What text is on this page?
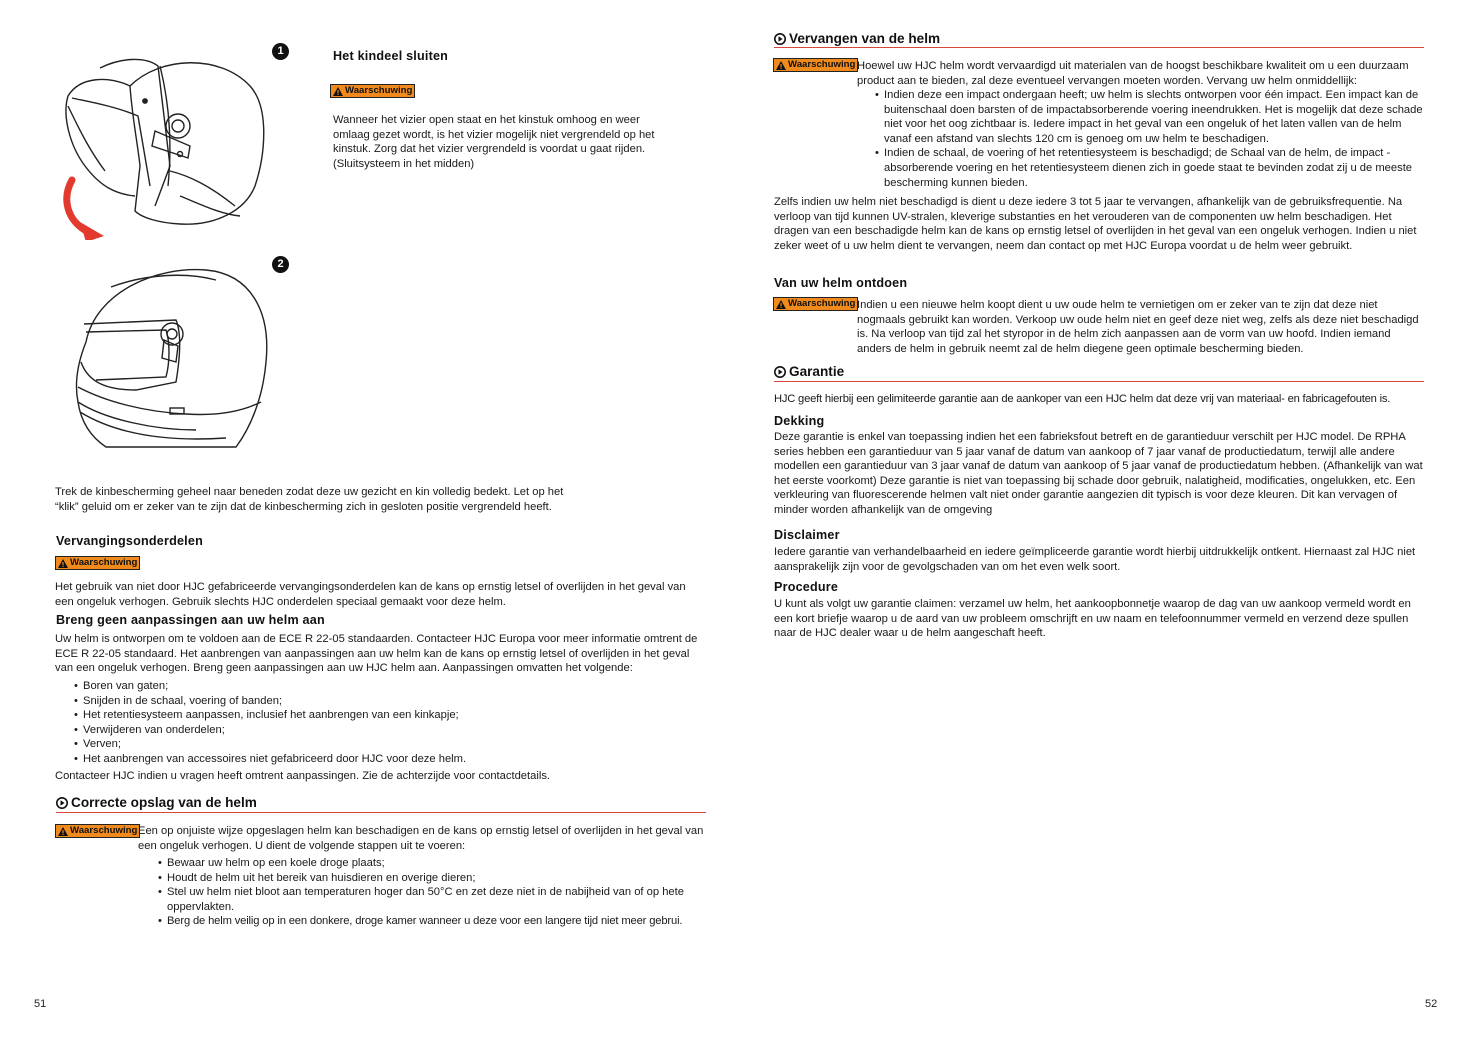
1	Het kindeel sluiten
Waarschuwing

Wanneer het vizier open staat en het kinstuk omhoog en weer omlaag gezet wordt, is het vizier mogelijk niet vergrendeld op het kinstuk. Zorg dat het vizier vergrendeld is voordat u gaat rijden. (Sluitsysteem in het midden)

2

Trek de kinbescherming geheel naar beneden zodat deze uw gezicht en kin volledig bedekt. Let op het

“klik” geluid om er zeker van te zijn dat de kinbescherming zich in gesloten positie vergrendeld heeft.

Vervangingsonderdelen
Waarschuwing

Het gebruik van niet door HJC gefabriceerde vervangingsonderdelen kan de kans op ernstig letsel of overlijden in het geval van een ongeluk verhogen. Gebruik slechts HJC onderdelen speciaal gemaakt voor deze helm.

Breng geen aanpassingen aan uw helm aan

Uw helm is ontworpen om te voldoen aan de ECE R 22-05 standaarden. Contacteer HJC Europa voor meer informatie omtrent de ECE R 22-05 standaard. Het aanbrengen van aanpassingen aan uw helm kan de kans op ernstig letsel of overlijden in het geval van een ongeluk verhogen. Breng geen aanpassingen aan uw HJC helm aan. Aanpassingen omvatten het volgende:

• Boren van gaten;
• Snijden in de schaal, voering of banden;
• Het retentiesysteem aanpassen, inclusief het aanbrengen van een kinkapje;
• Verwijderen van onderdelen;
• Verven;
• Het aanbrengen van accessoires niet gefabriceerd door HJC voor deze helm.

Contacteer HJC indien u vragen heeft omtrent aanpassingen. Zie de achterzijde voor contactdetails.

Correcte opslag van de helm
Waarschuwing Een op onjuiste wijze opgeslagen helm kan beschadigen en de kans op ernstig letsel of overlijden in het geval van een ongeluk verhogen. U dient de volgende stappen uit te voeren:

• Bewaar uw helm op een koele droge plaats;
• Houdt de helm uit het bereik van huisdieren en overige dieren;
• Stel uw helm niet bloot aan temperaturen hoger dan 50°C en zet deze niet in de nabijheid van of op hete oppervlakten.
• Berg de helm veilig op in een donkere, droge kamer wanneer u deze voor een langere tijd niet meer gebrui.
51
Vervangen van de helm
Waarschuwing Hoewel uw HJC helm wordt vervaardigd uit materialen van de hoogst beschikbare kwaliteit om u een duurzaam product aan te bieden, zal deze eventueel vervangen moeten worden. Vervang uw helm onmiddellijk:

• Indien deze een impact ondergaan heeft; uw helm is slechts ontworpen voor één impact. Een impact kan de buitenschaal doen barsten of de impactabsorberende voering ineendrukken. Het is mogelijk dat deze schade niet voor het oog zichtbaar is. Iedere impact in het geval van een ongeluk of het laten vallen van de helm vanaf een afstand van slechts 120 cm is genoeg om uw helm te beschadigen.
• Indien de schaal, de voering of het retentiesysteem is beschadigd; de Schaal van de helm, de impact -absorberende voering en het retentiesysteem dienen zich in goede staat te bevinden zodat zij u de meeste bescherming kunnen bieden.

Zelfs indien uw helm niet beschadigd is dient u deze iedere 3 tot 5 jaar te vervangen, afhankelijk van de gebruiksfrequentie. Na verloop van tijd kunnen UV-stralen, kleverige substanties en het verouderen van de componenten uw helm beschadigen. Het dragen van een beschadigde helm kan de kans op ernstig letsel of overlijden in het geval van een ongeluk verhogen. Indien u niet zeker weet of u uw helm dient te vervangen, neem dan contact op met HJC Europa voordat u de helm weer gebruikt.

Van uw helm ontdoen
Waarschuwing Indien u een nieuwe helm koopt dient u uw oude helm te vernietigen om er zeker van te zijn dat deze niet nogmaals gebruikt kan worden. Verkoop uw oude helm niet en geef deze niet weg, zelfs als deze niet beschadigd is. Na verloop van tijd zal het styropor in de helm zich aanpassen aan de vorm van uw hoofd. Indien iemand anders de helm in gebruik neemt zal de helm diegene geen optimale bescherming bieden.

Garantie

HJC geeft hierbij een gelimiteerde garantie aan de aankoper van een HJC helm dat deze vrij van materiaal- en fabricagefouten is.

Dekking

Deze garantie is enkel van toepassing indien het een fabrieksfout betreft en de garantieduur verschilt per HJC model. De RPHA series hebben een garantieduur van 5 jaar vanaf de datum van aankoop of 7 jaar vanaf de productiedatum, terwijl alle andere modellen een garantieduur van 3 jaar vanaf de datum van aankoop of 5 jaar vanaf de productiedatum hebben. (Afhankelijk van wat het eerste voorkomt) Deze garantie is niet van toepassing bij schade door gebruik, nalatigheid, modificaties, ongelukken, etc. Een verkleuring van fluorescerende helmen valt niet onder garantie aangezien dit typisch is voor deze kleuren. Dit kan vervagen of minder worden afhankelijk van de omgeving

Disclaimer

Iedere garantie van verhandelbaarheid en iedere geïmpliceerde garantie wordt hierbij uitdrukkelijk ontkent. Hiernaast zal HJC niet aansprakelijk zijn voor de gevolgschaden van om het even welk soort.

Procedure

U kunt als volgt uw garantie claimen: verzamel uw helm, het aankoopbonnetje waarop de dag van uw aankoop vermeld wordt en een kort briefje waarop u de aard van uw probleem omschrijft en uw naam en telefoonnummer vermeld en verzend deze spullen naar de HJC dealer waar u de helm aangeschaft heeft.

52
